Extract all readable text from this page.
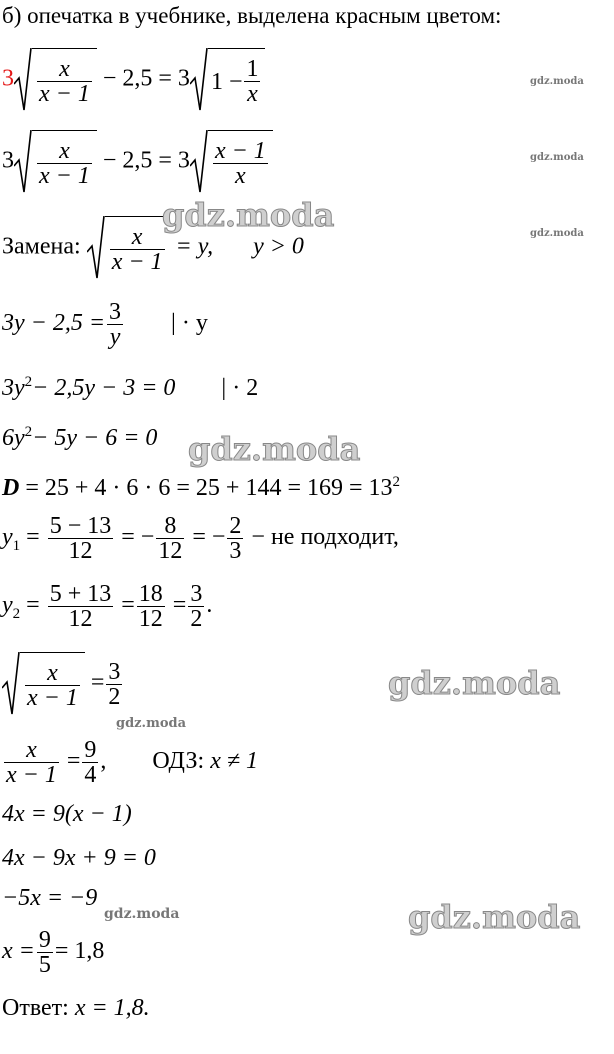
б) опечатка в учебнике, выделена красным цветом:
$3 \frac{x}{x - 1} - 2,5 = 3$ $1 - \frac{1}{x}$	gdz.moda
$3 \frac{x}{x - 1} - 2,5 = 3 \frac{x - 1}{x}$	gdz.moda
Замена: $\frac{x}{x - 1} = y$, y > 0
gdz.moda	gdz.moda
$3y - 2,5 = \frac{3}{y}$ | · y
$3y^2- 2,5y - 3 = 0$ | · 2
$6y^2- 5y - 6 = 0$ gdz.moda
$D = 25 + 4 \cdot 6 \cdot 6 = 25 + 144 = 169 = 13^2$
$y_1 = \frac{5 - 13}{12}$ = − $\frac{8}{12}$ = − $\frac{2}{3}$ − не подходит,
$y_2 = \frac{5 + 13}{12} = \frac{18}{12} = \frac{3}{2}$ .
$\frac{x}{x - 1} = \frac{3}{2}$	gdz.moda
gdz.moda
$\frac{x}{x - 1} = \frac{9}{4}$ , ОДЗ: x ≠ 1
4x = 9(x − 1)
4x − 9x + 9 = 0
−5x = −9	gdz.moda
gdz.moda
$x = \frac{9}{5} = 1,8$
Ответ: x = 1,8.
